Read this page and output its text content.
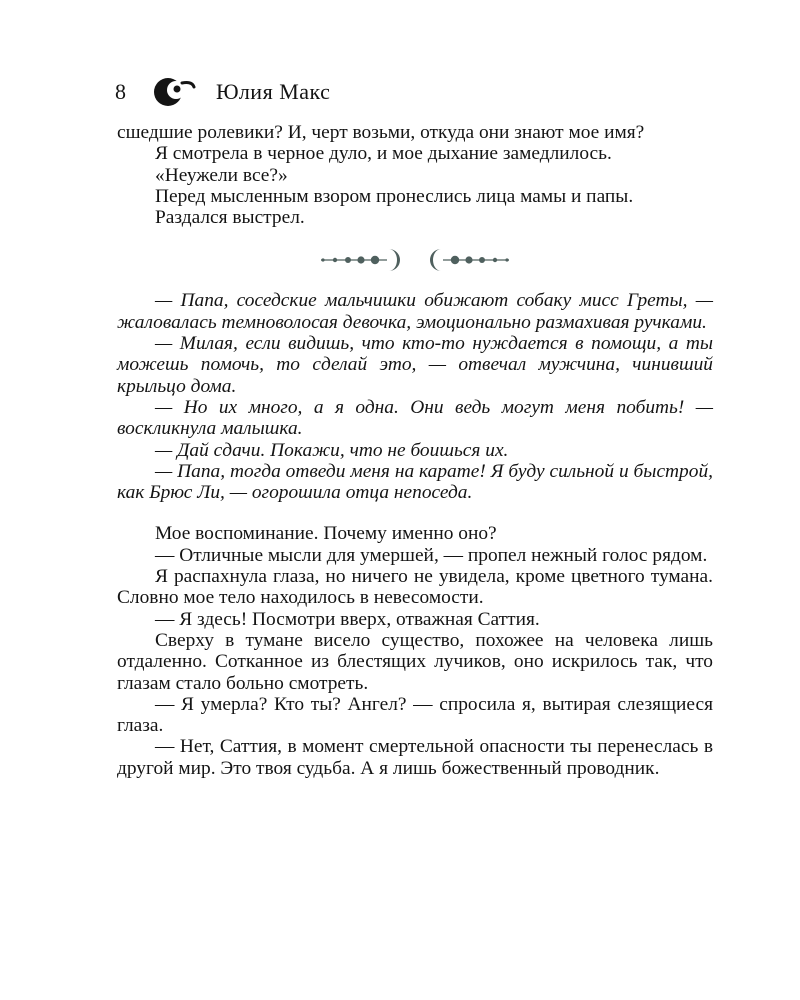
8	Юлия Макс

сшедшие ролевики? И, черт возьми, откуда они знают мое имя?

Я смотрела в черное дуло, и мое дыхание замедлилось.

«Неужели все?»

Перед мысленным взором пронеслись лица мамы и папы.

Раздался выстрел.

— Папа, соседские мальчишки обижают собаку мисс Греты, — жаловалась темноволосая девочка, эмоционально размахивая ручками.

— Милая, если видишь, что кто-то нуждается в помощи, а ты можешь помочь, то сделай это, — отвечал мужчина, чинивший крыльцо дома.

— Но их много, а я одна. Они ведь могут меня побить! — воскликнула малышка.

— Дай сдачи. Покажи, что не боишься их.

— Папа, тогда отведи меня на карате! Я буду сильной и быстрой, как Брюс Ли, — огорошила отца непоседа.

Мое воспоминание. Почему именно оно?

— Отличные мысли для умершей, — пропел нежный голос рядом.

Я распахнула глаза, но ничего не увидела, кроме цветного тумана. Словно мое тело находилось в невесомости.

— Я здесь! Посмотри вверх, отважная Саттия.

Сверху в тумане висело существо, похожее на человека лишь отдаленно. Сотканное из блестящих лучиков, оно искрилось так, что глазам стало больно смотреть.

— Я умерла? Кто ты? Ангел? — спросила я, вытирая слезящиеся глаза.

— Нет, Саттия, в момент смертельной опасности ты перенеслась в другой мир. Это твоя судьба. А я лишь божественный проводник.
